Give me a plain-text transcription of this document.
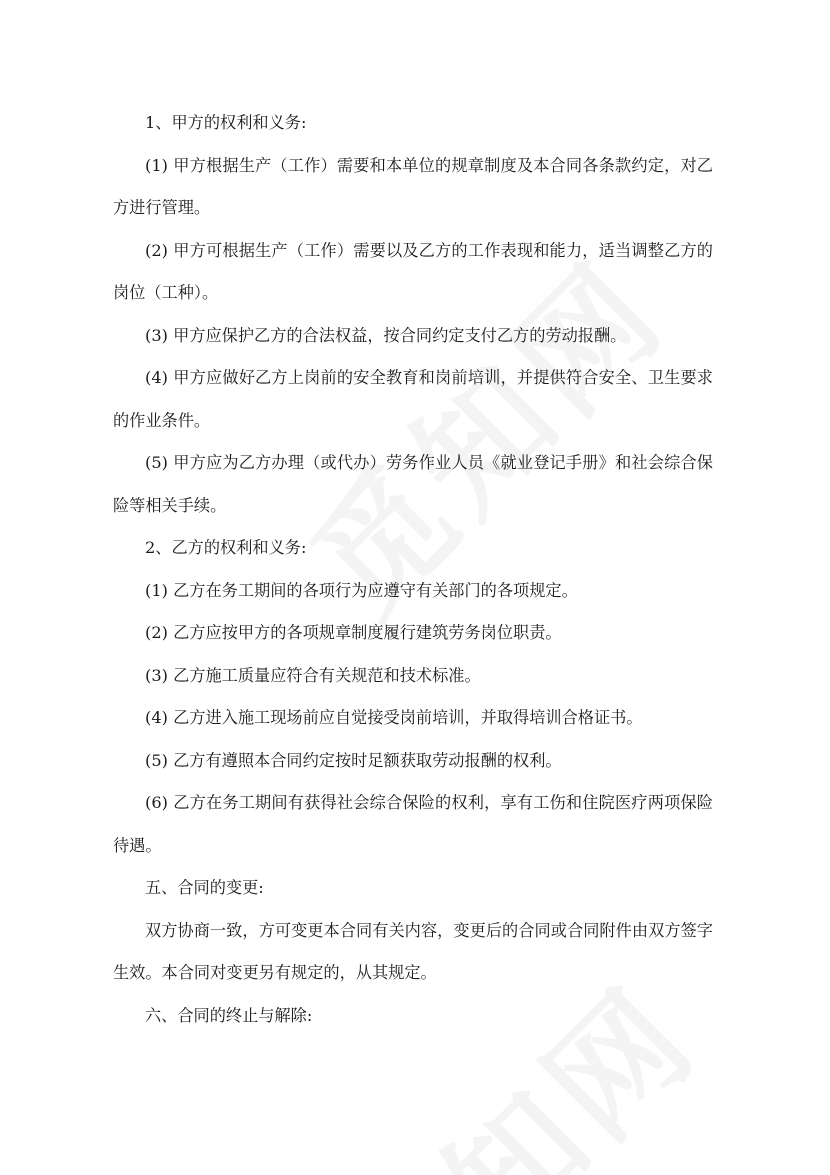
1、甲方的权利和义务:

(1) 甲方根据生产（工作）需要和本单位的规章制度及本合同各条款约定，对乙方进行管理。

(2) 甲方可根据生产（工作）需要以及乙方的工作表现和能力，适当调整乙方的岗位（工种）。

(3) 甲方应保护乙方的合法权益，按合同约定支付乙方的劳动报酬。

(4) 甲方应做好乙方上岗前的安全教育和岗前培训，并提供符合安全、卫生要求的作业条件。

(5) 甲方应为乙方办理（或代办）劳务作业人员《就业登记手册》和社会综合保险等相关手续。

2、乙方的权利和义务:

(1) 乙方在务工期间的各项行为应遵守有关部门的各项规定。

(2) 乙方应按甲方的各项规章制度履行建筑劳务岗位职责。

(3) 乙方施工质量应符合有关规范和技术标准。

(4) 乙方进入施工现场前应自觉接受岗前培训，并取得培训合格证书。

(5) 乙方有遵照本合同约定按时足额获取劳动报酬的权利。

(6) 乙方在务工期间有获得社会综合保险的权利，享有工伤和住院医疗两项保险待遇。

五、合同的变更:

双方协商一致，方可变更本合同有关内容，变更后的合同或合同附件由双方签字生效。本合同对变更另有规定的，从其规定。

六、合同的终止与解除:
